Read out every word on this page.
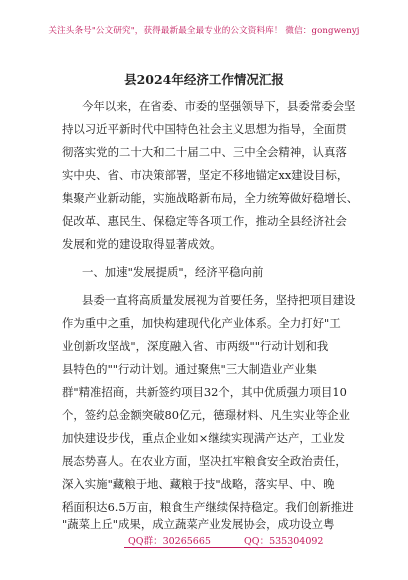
关注头条号"公文研究"，获得最新最全最专业的公文资料库！ 微信：gongwenyj
县2024年经济工作情况汇报
今年以来，在省委、市委的坚强领导下，县委常委会坚
持以习近平新时代中国特色社会主义思想为指导，全面贯
彻落实党的二十大和二十届二中、三中全会精神，认真落
实中央、省、市决策部署，坚定不移地锚定xx建设目标，
集聚产业新动能，实施战略新布局，全力统筹做好稳增长、
促改革、惠民生、保稳定等各项工作，推动全县经济社会
发展和党的建设取得显著成效。
一、加速"发展提质"，经济平稳向前
县委一直将高质量发展视为首要任务，坚持把项目建设
作为重中之重，加快构建现代化产业体系。全力打好"工
业创新攻坚战"，深度融入省、市两级""行动计划和我
县特色的""行动计划。通过聚焦"三大制造业产业集
群"精准招商，共新签约项目32个，其中优质强力项目10
个，签约总金额突破80亿元，德璟材料、凡生实业等企业
加快建设步伐，重点企业如×继续实现满产达产，工业发
展态势喜人。在农业方面，坚决扛牢粮食安全政治责任，
深入实施"藏粮于地、藏粮于技"战略，落实早、中、晚
稻面积达6.5万亩，粮食生产继续保持稳定。我们创新推进
"蔬菜上丘"成果，成立蔬菜产业发展协会，成功设立粤
QQ群：30265665	QQ：535304092
